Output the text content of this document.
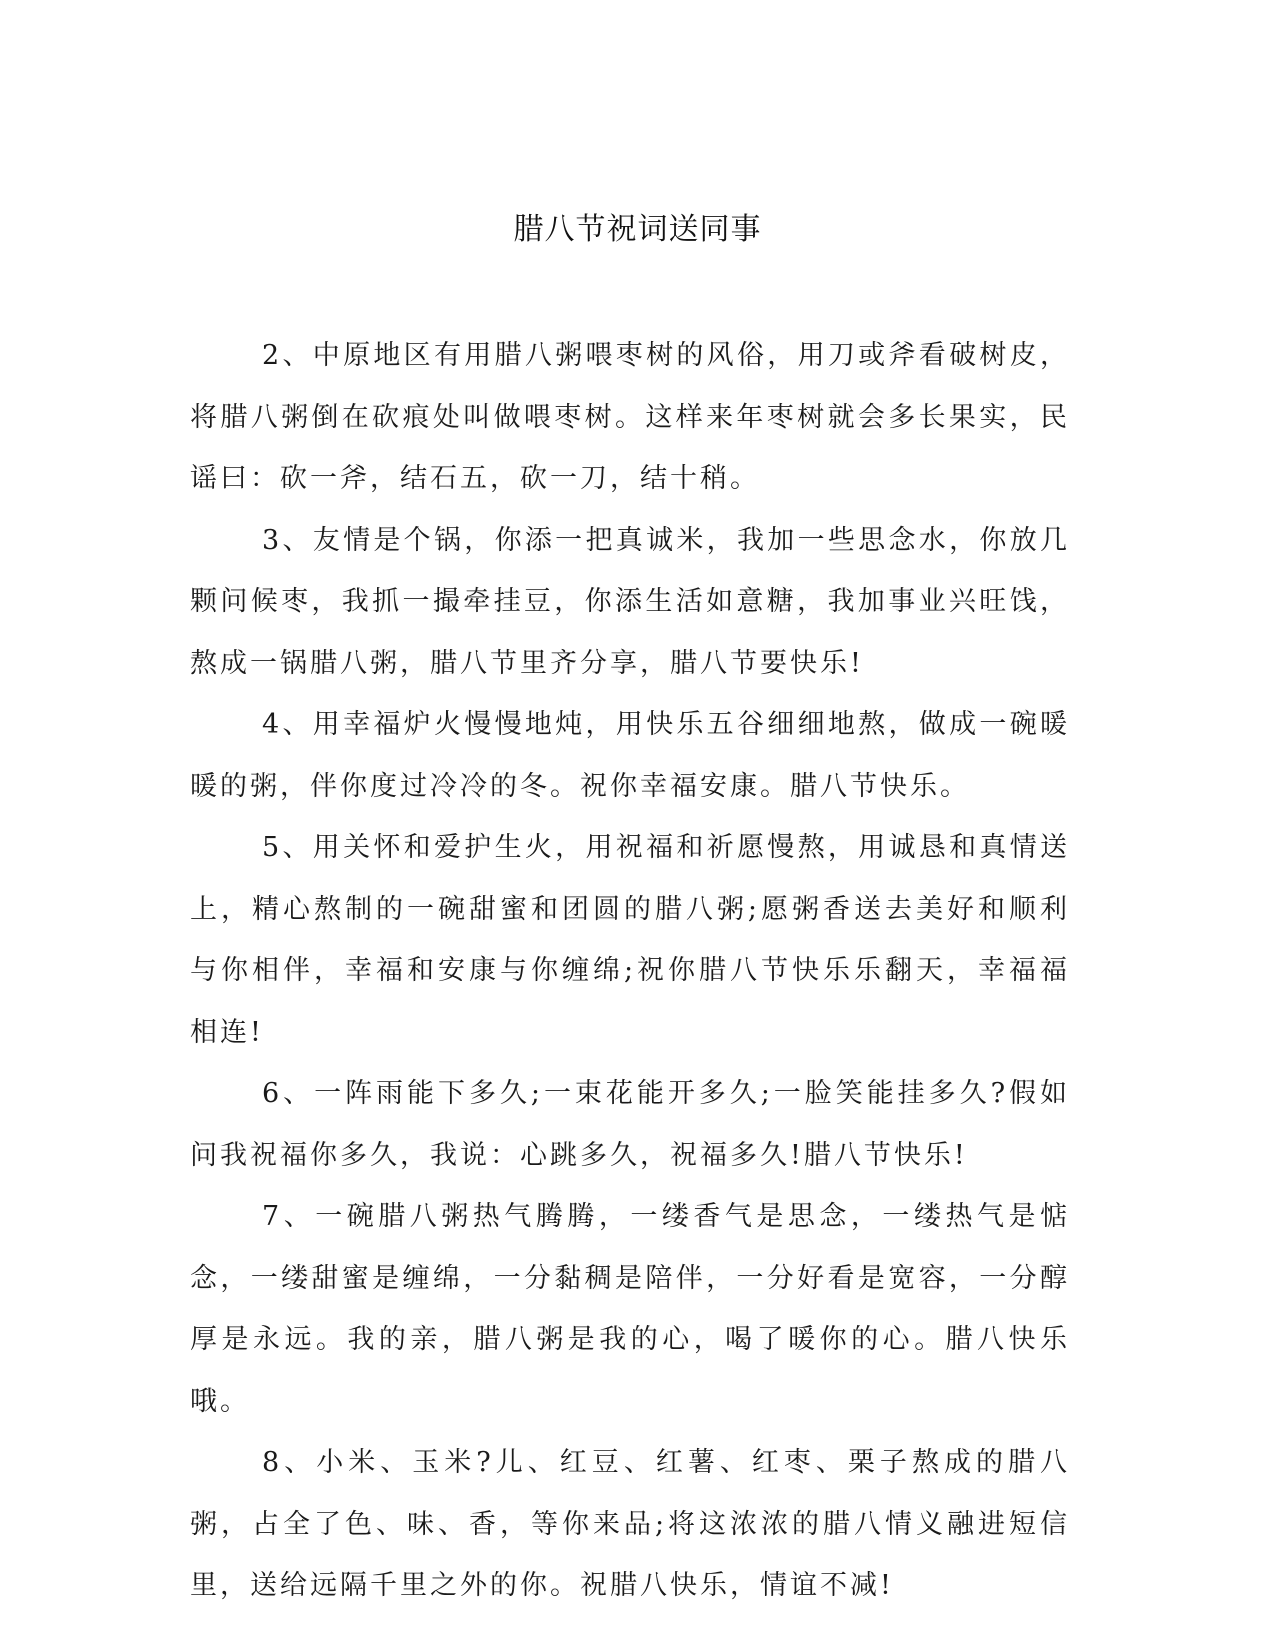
腊八节祝词送同事

2、中原地区有用腊八粥喂枣树的风俗，用刀或斧看破树皮，将腊八粥倒在砍痕处叫做喂枣树。这样来年枣树就会多长果实，民谣曰：砍一斧，结石五，砍一刀，结十稍。

3、友情是个锅，你添一把真诚米，我加一些思念水，你放几颗问候枣，我抓一撮牵挂豆，你添生活如意糖，我加事业兴旺饯，熬成一锅腊八粥，腊八节里齐分享，腊八节要快乐!

4、用幸福炉火慢慢地炖，用快乐五谷细细地熬，做成一碗暖暖的粥，伴你度过冷冷的冬。祝你幸福安康。腊八节快乐。

5、用关怀和爱护生火，用祝福和祈愿慢熬，用诚恳和真情送上，精心熬制的一碗甜蜜和团圆的腊八粥;愿粥香送去美好和顺利与你相伴，幸福和安康与你缠绵;祝你腊八节快乐乐翻天，幸福福相连!

6、一阵雨能下多久;一束花能开多久;一脸笑能挂多久?假如问我祝福你多久，我说：心跳多久，祝福多久!腊八节快乐!

7、一碗腊八粥热气腾腾，一缕香气是思念，一缕热气是惦念，一缕甜蜜是缠绵，一分黏稠是陪伴，一分好看是宽容，一分醇厚是永远。我的亲，腊八粥是我的心，喝了暖你的心。腊八快乐哦。

8、小米、玉米?儿、红豆、红薯、红枣、栗子熬成的腊八粥，占全了色、味、香，等你来品;将这浓浓的腊八情义融进短信里，送给远隔千里之外的你。祝腊八快乐，情谊不减!
